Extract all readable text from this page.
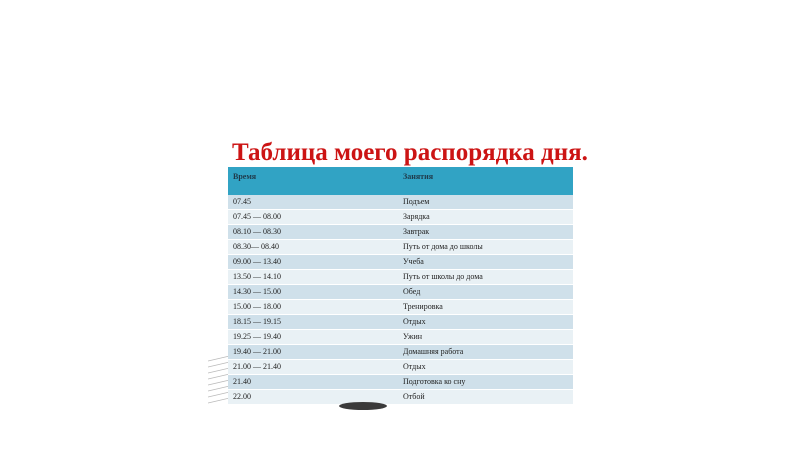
Таблица моего распорядка дня.
Время	Занятия
07.45	Подъем
07.45 — 08.00	Зарядка
08.10 — 08.30	Завтрак
08.30— 08.40	Путь от дома до школы
09.00 — 13.40	Учеба
13.50 — 14.10	Путь от школы до дома
14.30 — 15.00	Обед
15.00 — 18.00	Тренировка
18.15 — 19.15	Отдых
19.25 — 19.40	Ужин
19.40 — 21.00	Домашняя работа
21.00 — 21.40	Отдых
21.40	Подготовка ко сну
22.00	Отбой
